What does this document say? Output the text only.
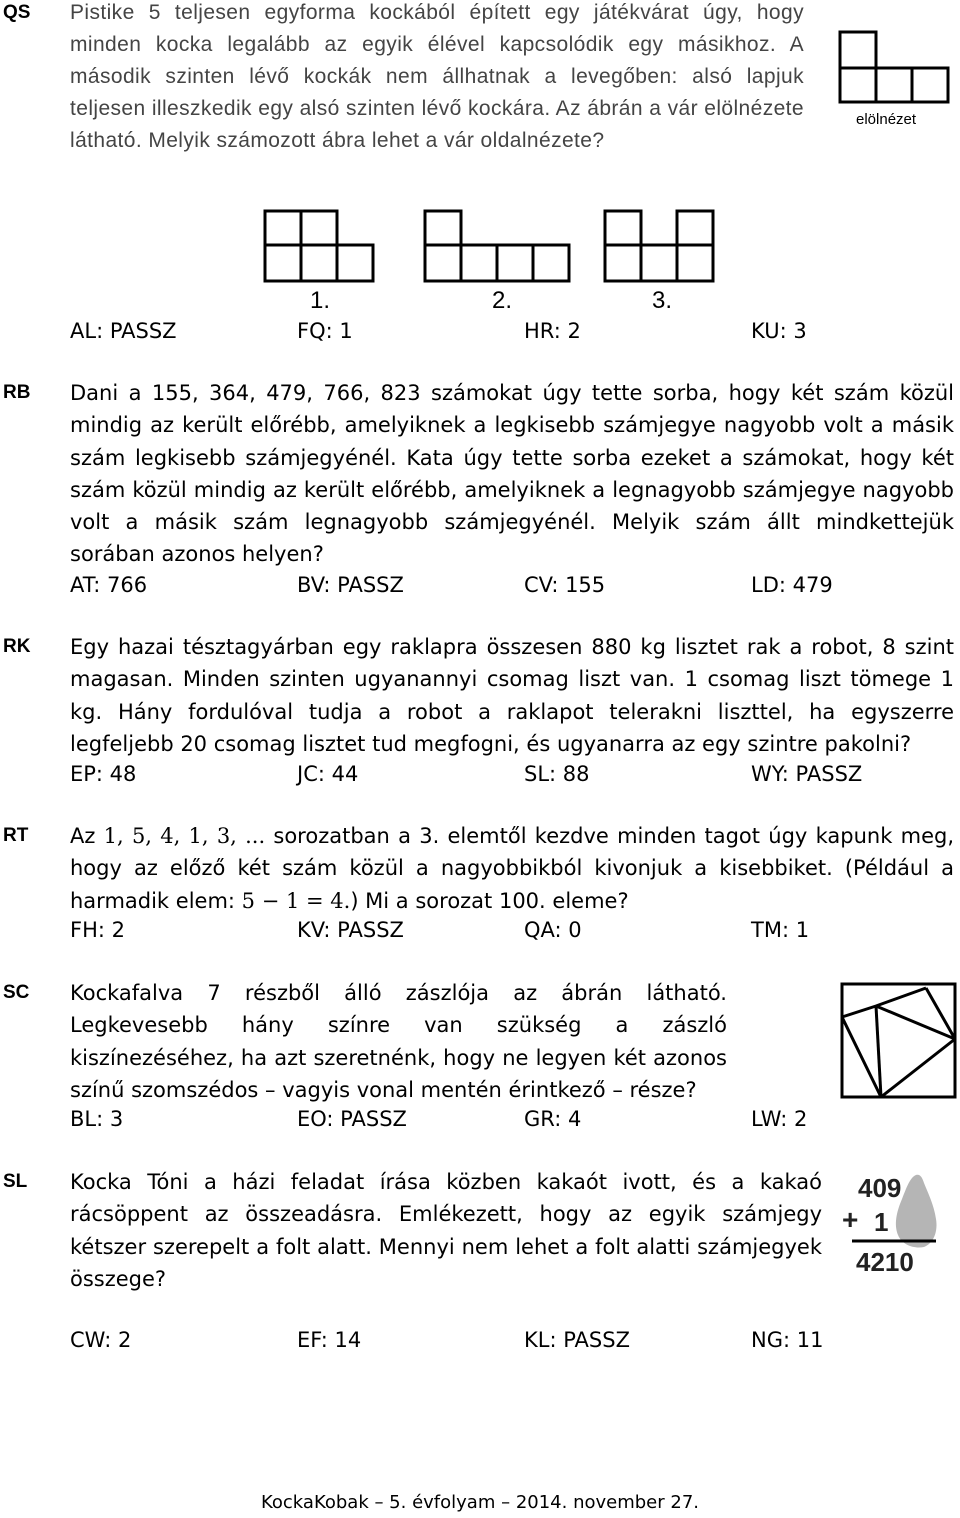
QS Pistike 5 teljesen egyforma kockából épített egy játékvárat úgy, hogy minden kocka legalább az egyik élével kapcsolódik egy másikhoz. A második szinten lévő kockák nem állhatnak a levegőben: alsó lapjuk teljesen illeszkedik egy alsó szinten lévő kockára. Az ábrán a vár elölnézete látható. Melyik számozott ábra lehet a vár oldalnézete?
elölnézet
1.	2.	3.
AL: PASSZ	FQ: 1	HR: 2	KU: 3
RB Dani a 155, 364, 479, 766, 823 számokat úgy tette sorba, hogy két szám közül mindig az került előrébb, amelyiknek a legkisebb számjegye nagyobb volt a másik szám legkisebb számjegyénél. Kata úgy tette sorba ezeket a számokat, hogy két szám közül mindig az került előrébb, amelyiknek a legnagyobb számjegye nagyobb volt a másik szám legnagyobb számjegyénél. Melyik szám állt mindkettejük sorában azonos helyen?
AT: 766	BV: PASSZ	CV: 155	LD: 479
RK Egy hazai tésztagyárban egy raklapra összesen 880 kg lisztet rak a robot, 8 szint magasan. Minden szinten ugyanannyi csomag liszt van. 1 csomag liszt tömege 1 kg. Hány fordulóval tudja a robot a raklapot telerakni liszttel, ha egyszerre legfeljebb 20 csomag lisztet tud megfogni, és ugyanarra az egy szintre pakolni?
EP: 48	JC: 44	SL: 88	WY: PASSZ
RT Az 1, 5, 4, 1, 3, ... sorozatban a 3. elemtől kezdve minden tagot úgy kapunk meg, hogy az előző két szám közül a nagyobbikból kivonjuk a kisebbiket. (Például a harmadik elem: 5 − 1 = 4.) Mi a sorozat 100. eleme?
FH: 2	KV: PASSZ	QA: 0	TM: 1
SC Kockafalva 7 részből álló zászlója az ábrán látható. Legkevesebb hány színre van szükség a zászló kiszínezéséhez, ha azt szeretnénk, hogy ne legyen két azonos színű szomszédos – vagyis vonal mentén érintkező – része?
BL: 3	EO: PASSZ	GR: 4	LW: 2
SL Kocka Tóni a házi feladat írása közben kakaót ivott, és a kakaó rácsöppent az összeadásra. Emlékezett, hogy az egyik számjegy kétszer szerepelt a folt alatt. Mennyi nem lehet a folt alatti számjegyek összege?
409
+ 1
4210
CW: 2	EF: 14	KL: PASSZ	NG: 11
KockaKobak – 5. évfolyam – 2014. november 27.
